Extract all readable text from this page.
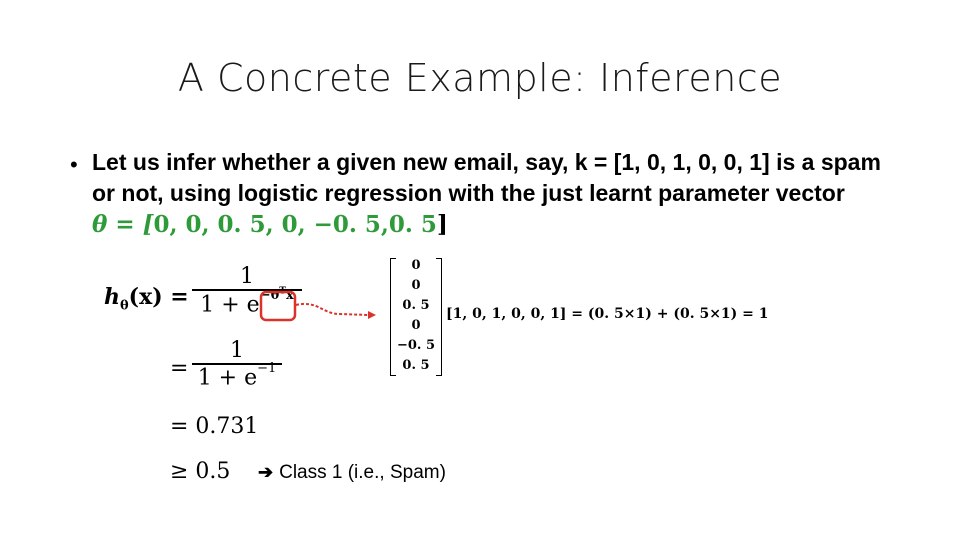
A Concrete Example: Inference
• Let us infer whether a given new email, say, k = [1, 0, 1, 0, 0, 1] is a spam
or not, using logistic regression with the just learnt parameter vector
θ = [0, 0, 0. 5, 0, −0. 5,0. 5]
$h_\theta(x)$ =
1
$1 + e^{-\theta^Tx}$
=
1
$1 + e^{-1}$
= 0.731
≥ 0.5
0
0
0. 5
0
−0. 5
0. 5
[1, 0, 1, 0, 0, 1] = (0. 5×1) + (0. 5×1) = 1
➔ Class 1 (i.e., Spam)
